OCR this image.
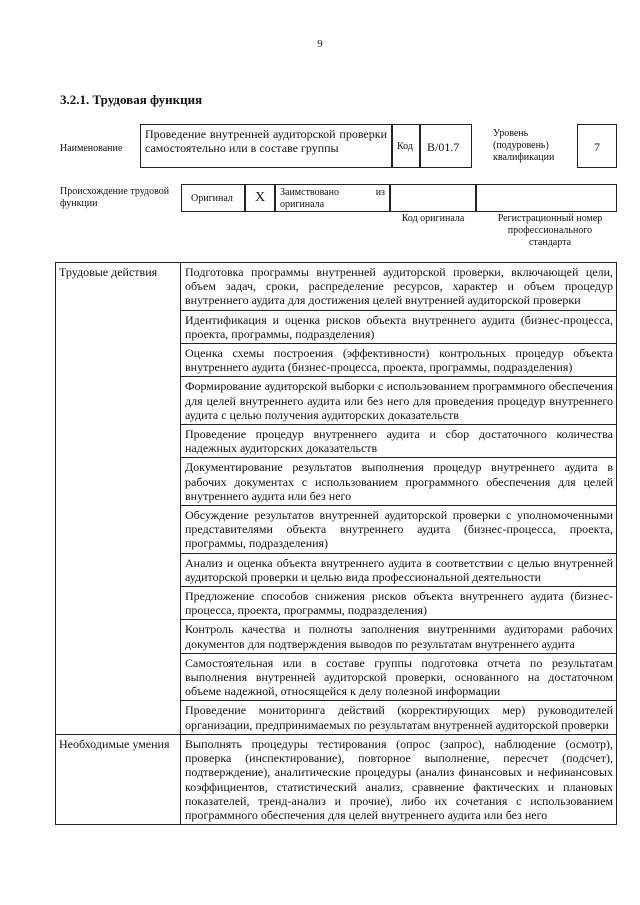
9
3.2.1. Трудовая функция
Наименование
Проведение внутренней аудиторской проверки самостоятельно или в составе группы	Код	B/01.7
Уровень (подуровень) квалификации
7
Происхождение трудовой функции	Оригинал	X	Заимствовано из оригинала
Код оригинала	Регистрационный номер профессионального стандарта
Трудовые действия	Подготовка программы внутренней аудиторской проверки, включающей цели, объем задач, сроки, распределение ресурсов, характер и объем процедур внутреннего аудита для достижения целей внутренней аудиторской проверки
	Идентификация и оценка рисков объекта внутреннего аудита (бизнес-процесса, проекта, программы, подразделения)
	Оценка схемы построения (эффективности) контрольных процедур объекта внутреннего аудита (бизнес-процесса, проекта, программы, подразделения)
	Формирование аудиторской выборки с использованием программного обеспечения для целей внутреннего аудита или без него для проведения процедур внутреннего аудита с целью получения аудиторских доказательств
	Проведение процедур внутреннего аудита и сбор достаточного количества надежных аудиторских доказательств
	Документирование результатов выполнения процедур внутреннего аудита в рабочих документах с использованием программного обеспечения для целей внутреннего аудита или без него
	Обсуждение результатов внутренней аудиторской проверки с уполномоченными представителями объекта внутреннего аудита (бизнес-процесса, проекта, программы, подразделения)
	Анализ и оценка объекта внутреннего аудита в соответствии с целью внутренней аудиторской проверки и целью вида профессиональной деятельности
	Предложение способов снижения рисков объекта внутреннего аудита (бизнес-процесса, проекта, программы, подразделения)
	Контроль качества и полноты заполнения внутренними аудиторами рабочих документов для подтверждения выводов по результатам внутреннего аудита
	Самостоятельная или в составе группы подготовка отчета по результатам выполнения внутренней аудиторской проверки, основанного на достаточном объеме надежной, относящейся к делу полезной информации
	Проведение мониторинга действий (корректирующих мер) руководителей организации, предпринимаемых по результатам внутренней аудиторской проверки
Необходимые умения	Выполнять процедуры тестирования (опрос (запрос), наблюдение (осмотр), проверка (инспектирование), повторное выполнение, пересчет (подсчет), подтверждение), аналитические процедуры (анализ финансовых и нефинансовых коэффициентов, статистический анализ, сравнение фактических и плановых показателей, тренд-анализ и прочие), либо их сочетания с использованием программного обеспечения для целей внутреннего аудита или без него
